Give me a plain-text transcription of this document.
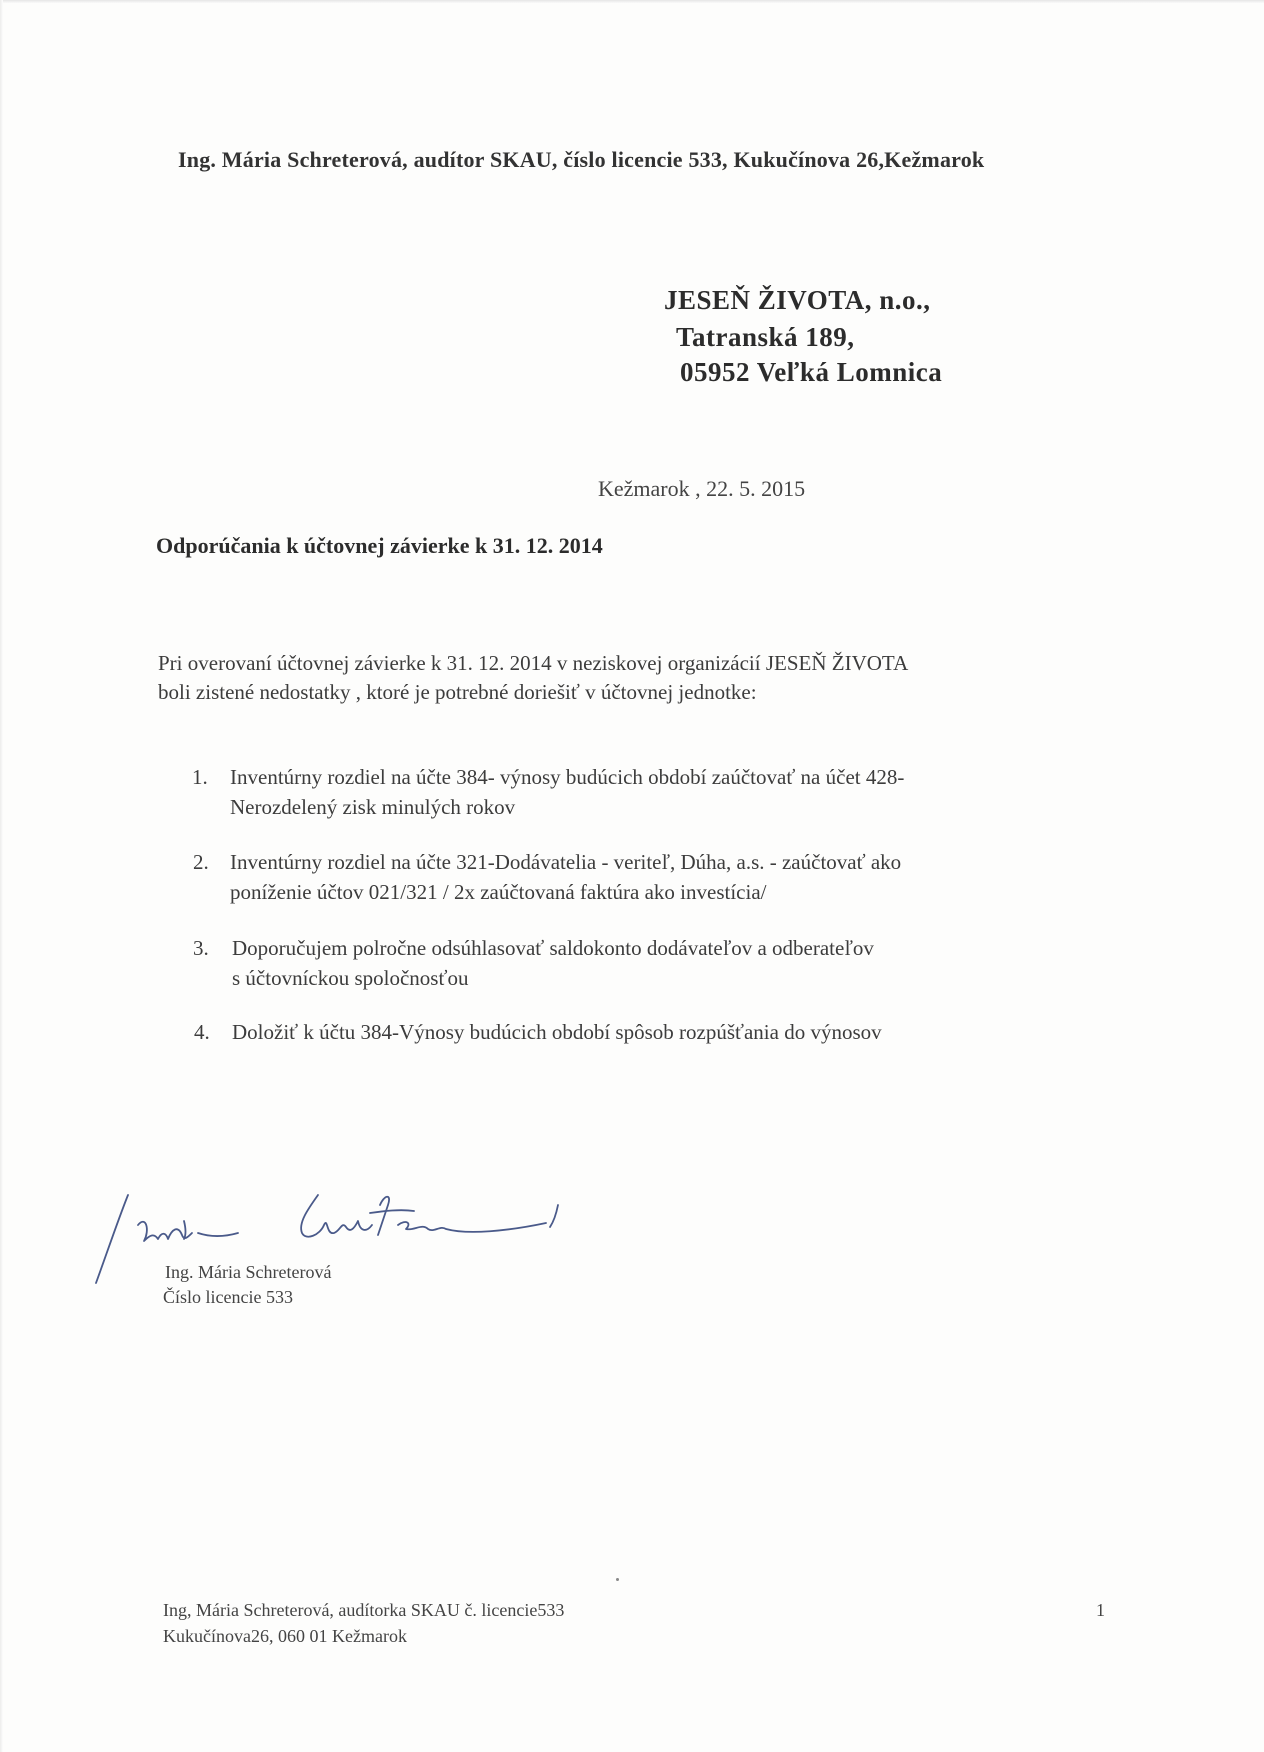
Ing. Mária Schreterová, audítor SKAU, číslo licencie 533, Kukučínova 26,Kežmarok
JESEŇ ŽIVOTA, n.o.,
Tatranská 189,
05952 Veľká Lomnica
Kežmarok , 22. 5. 2015
Odporúčania k účtovnej závierke k 31. 12. 2014
Pri overovaní účtovnej závierke k 31. 12. 2014 v neziskovej organizácií JESEŇ ŽIVOTA
boli zistené nedostatky , ktoré je potrebné doriešiť v účtovnej jednotke:
1. Inventúrny rozdiel na účte 384- výnosy budúcich období zaúčtovať na účet 428-
Nerozdelený zisk minulých rokov
2. Inventúrny rozdiel na účte 321-Dodávatelia - veriteľ, Dúha, a.s. - zaúčtovať ako
poníženie účtov 021/321 / 2x zaúčtovaná faktúra ako investícia/
3. Doporučujem polročne odsúhlasovať saldokonto dodávateľov a odberateľov
s účtovníckou spoločnosťou
4. Doložiť k účtu 384-Výnosy budúcich období spôsob rozpúšťania do výnosov
Ing. Mária Schreterová
Číslo licencie 533
Ing, Mária Schreterová, audítorka SKAU č. licencie533
Kukučínova26, 060 01 Kežmarok
1
